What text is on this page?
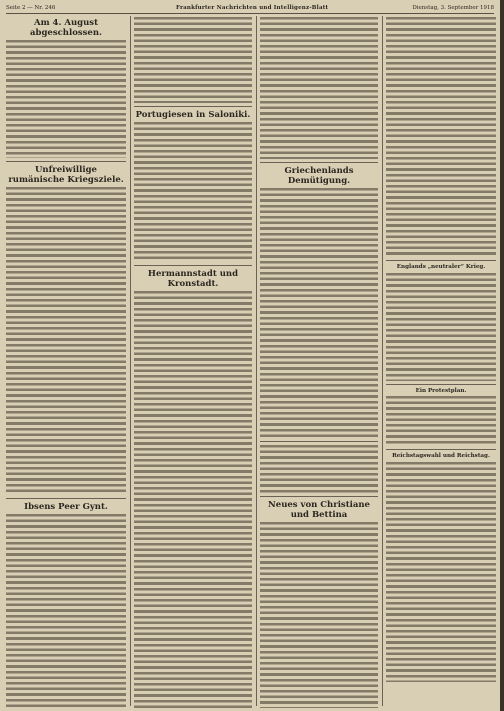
Seite 2 — Nr. 246	Frankfurter Nachrichten und Intelligenz-Blatt	Dienstag, 3. September 1918
Am 4. August abgeschlossen.
Unfreiwillige rumänische Kriegsziele.
Ibsens Peer Gynt.
Portugiesen in Saloniki.
Hermannstadt und Kronstadt.
Griechenlands Demütigung.
Neues von Christiane und Bettina
Englands „neutraler“ Krieg.
Ein Protestplan.
Reichstagswahl und Reichstag.
